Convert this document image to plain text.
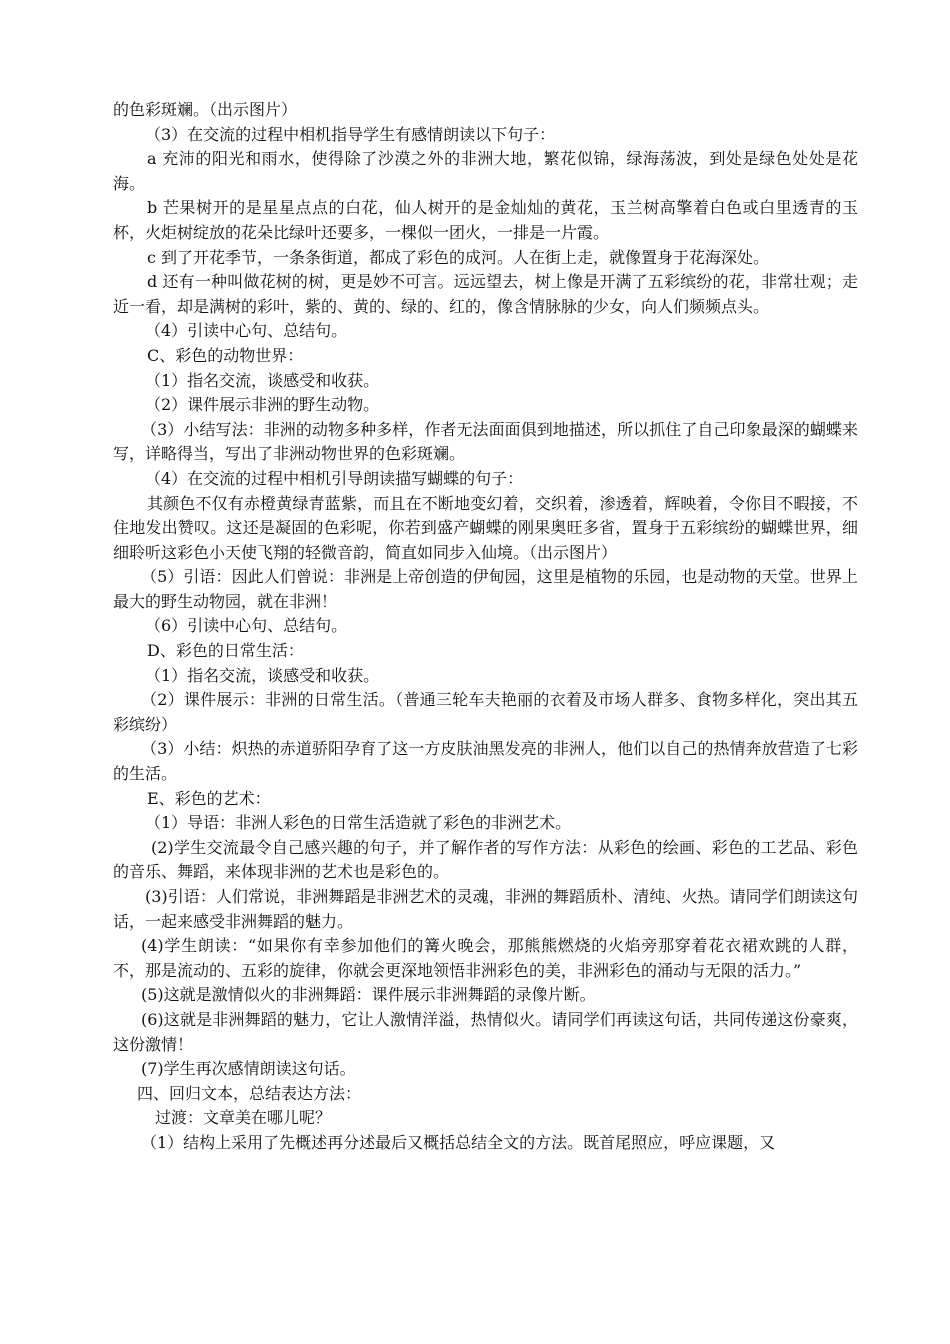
的色彩斑斓。（出示图片）

（3）在交流的过程中相机指导学生有感情朗读以下句子：

a 充沛的阳光和雨水，使得除了沙漠之外的非洲大地，繁花似锦，绿海荡波，到处是绿色处处是花海。

b 芒果树开的是星星点点的白花，仙人树开的是金灿灿的黄花，玉兰树高擎着白色或白里透青的玉杯，火炬树绽放的花朵比绿叶还要多，一棵似一团火，一排是一片霞。

c 到了开花季节，一条条街道，都成了彩色的成河。人在街上走，就像置身于花海深处。

d 还有一种叫做花树的树，更是妙不可言。远远望去，树上像是开满了五彩缤纷的花，非常壮观；走近一看，却是满树的彩叶，紫的、黄的、绿的、红的，像含情脉脉的少女，向人们频频点头。

（4）引读中心句、总结句。

C、彩色的动物世界：

（1）指名交流，谈感受和收获。

（2）课件展示非洲的野生动物。

（3）小结写法：非洲的动物多种多样，作者无法面面俱到地描述，所以抓住了自己印象最深的蝴蝶来写，详略得当，写出了非洲动物世界的色彩斑斓。

（4）在交流的过程中相机引导朗读描写蝴蝶的句子：

其颜色不仅有赤橙黄绿青蓝紫，而且在不断地变幻着，交织着，渗透着，辉映着，令你目不暇接，不住地发出赞叹。这还是凝固的色彩呢，你若到盛产蝴蝶的刚果奥旺多省，置身于五彩缤纷的蝴蝶世界，细细聆听这彩色小天使飞翔的轻微音韵，简直如同步入仙境。（出示图片）

（5）引语：因此人们曾说：非洲是上帝创造的伊甸园，这里是植物的乐园，也是动物的天堂。世界上最大的野生动物园，就在非洲！

（6）引读中心句、总结句。

D、彩色的日常生活：

（1）指名交流，谈感受和收获。

（2）课件展示：非洲的日常生活。（普通三轮车夫艳丽的衣着及市场人群多、食物多样化，突出其五彩缤纷）

（3）小结：炽热的赤道骄阳孕育了这一方皮肤油黑发亮的非洲人，他们以自己的热情奔放营造了七彩的生活。

E、彩色的艺术：

（1）导语：非洲人彩色的日常生活造就了彩色的非洲艺术。

(2)学生交流最令自己感兴趣的句子，并了解作者的写作方法：从彩色的绘画、彩色的工艺品、彩色的音乐、舞蹈，来体现非洲的艺术也是彩色的。

(3)引语：人们常说，非洲舞蹈是非洲艺术的灵魂，非洲的舞蹈质朴、清纯、火热。请同学们朗读这句话，一起来感受非洲舞蹈的魅力。

(4)学生朗读：“如果你有幸参加他们的篝火晚会，那熊熊燃烧的火焰旁那穿着花衣裙欢跳的人群，不，那是流动的、五彩的旋律，你就会更深地领悟非洲彩色的美，非洲彩色的涌动与无限的活力。”

(5)这就是激情似火的非洲舞蹈：课件展示非洲舞蹈的录像片断。

(6)这就是非洲舞蹈的魅力，它让人激情洋溢，热情似火。请同学们再读这句话，共同传递这份豪爽，这份激情！

(7)学生再次感情朗读这句话。

四、回归文本，总结表达方法：

过渡：文章美在哪儿呢？

（1）结构上采用了先概述再分述最后又概括总结全文的方法。既首尾照应，呼应课题，又
